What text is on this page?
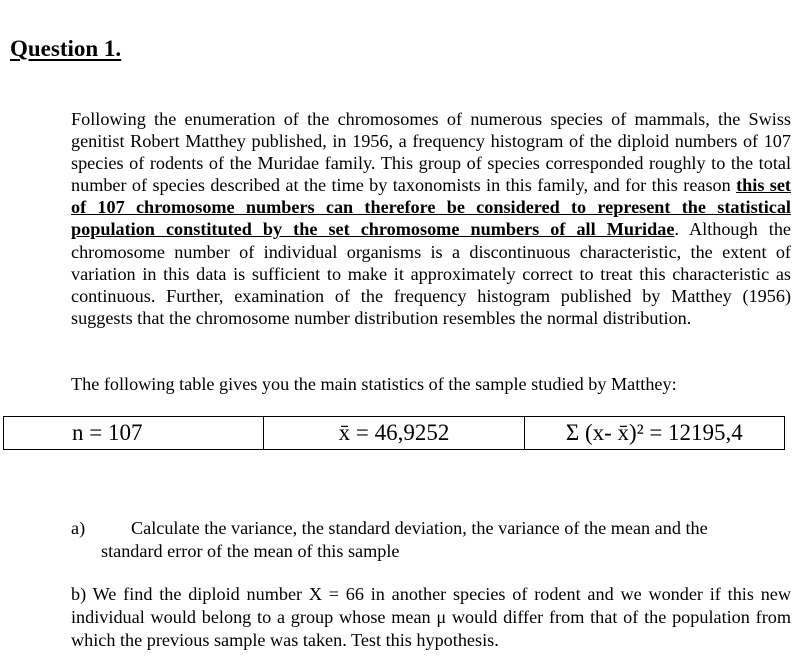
Question 1.

Following the enumeration of the chromosomes of numerous species of mammals, the Swiss genitist Robert Matthey published, in 1956, a frequency histogram of the diploid numbers of 107 species of rodents of the Muridae family. This group of species corresponded roughly to the total number of species described at the time by taxonomists in this family, and for this reason this set of 107 chromosome numbers can therefore be considered to represent the statistical population constituted by the set chromosome numbers of all Muridae. Although the chromosome number of individual organisms is a discontinuous characteristic, the extent of variation in this data is sufficient to make it approximately correct to treat this characteristic as continuous. Further, examination of the frequency histogram published by Matthey (1956) suggests that the chromosome number distribution resembles the normal distribution.

The following table gives you the main statistics of the sample studied by Matthey:

n = 107	x̄ = 46,9252	Σ (x- x̄)² = 12195,4
a)	Calculate the variance, the standard deviation, the variance of the mean and the
standard error of the mean of this sample

b) We find the diploid number X = 66 in another species of rodent and we wonder if this new individual would belong to a group whose mean μ would differ from that of the population from which the previous sample was taken. Test this hypothesis.
